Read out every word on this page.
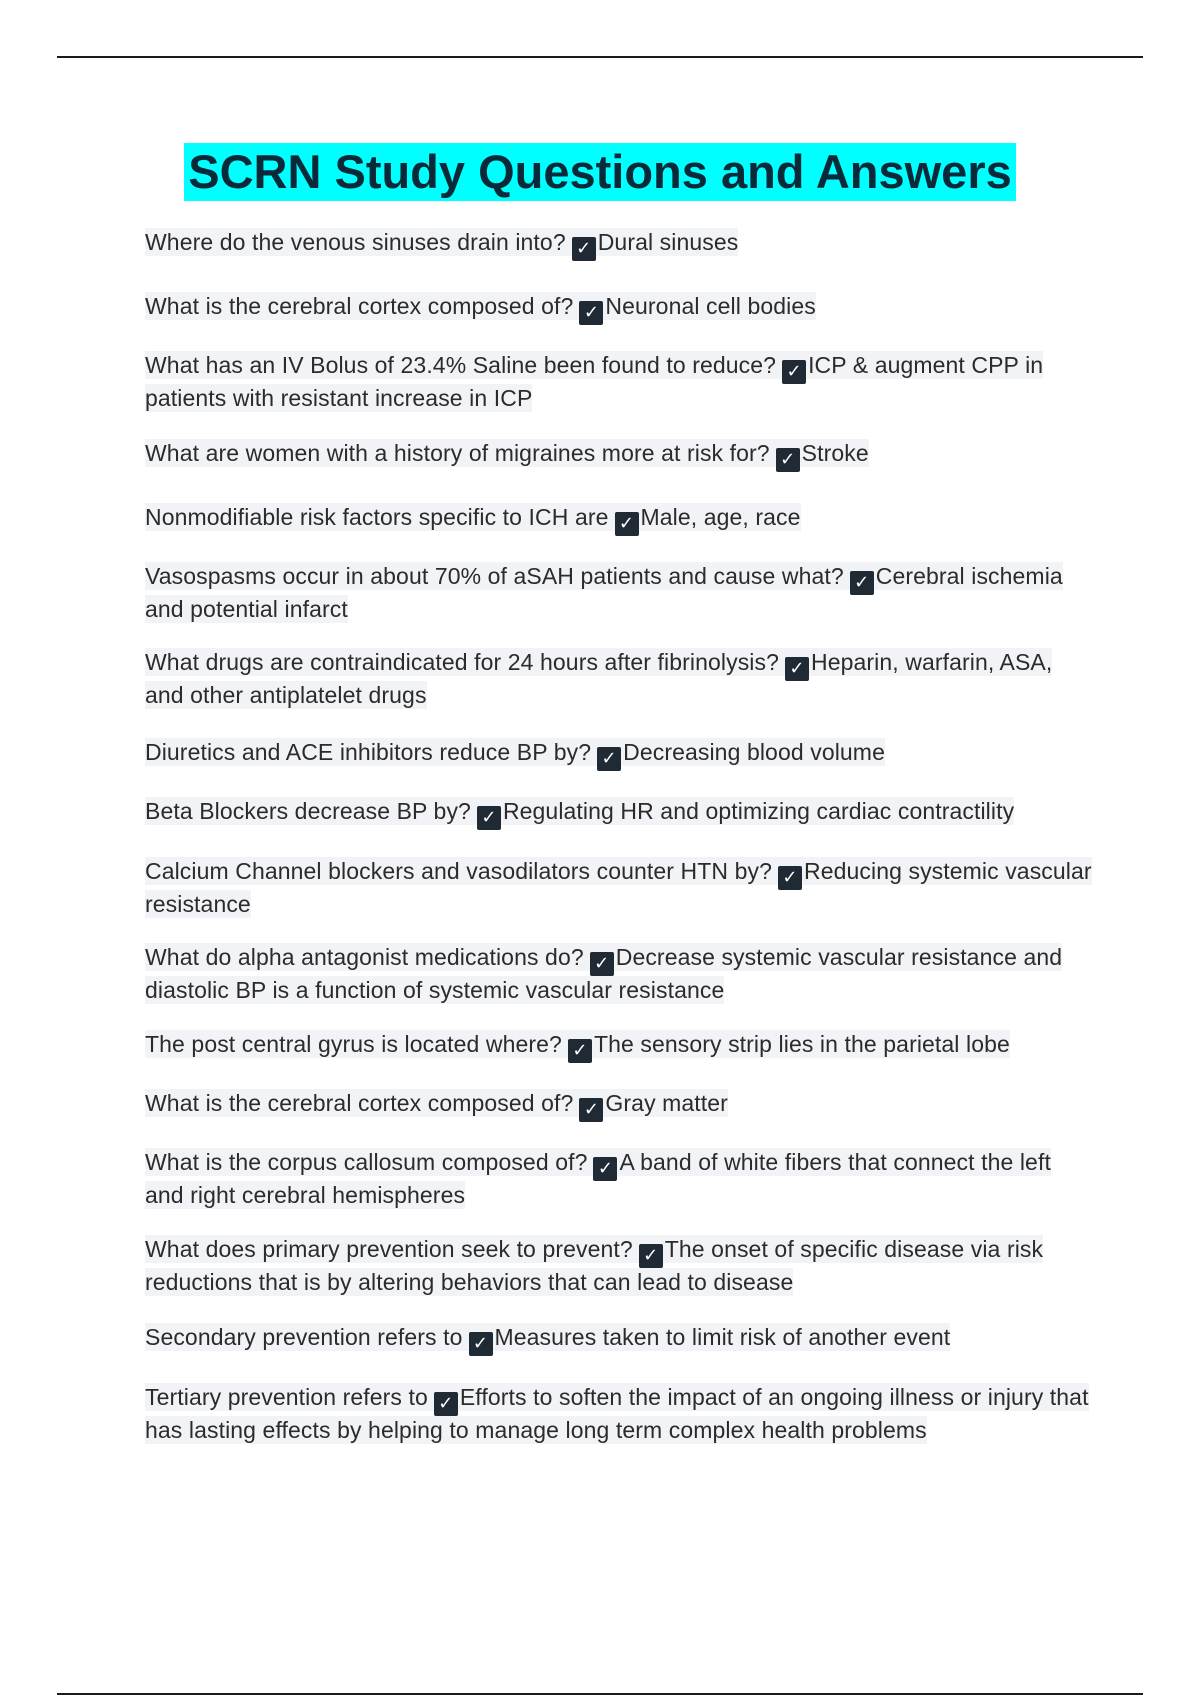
SCRN Study Questions and Answers
Where do the venous sinuses drain into? ✓ Dural sinuses
What is the cerebral cortex composed of? ✓ Neuronal cell bodies
What has an IV Bolus of 23.4% Saline been found to reduce? ✓ ICP & augment CPP in patients with resistant increase in ICP
What are women with a history of migraines more at risk for? ✓ Stroke
Nonmodifiable risk factors specific to ICH are ✓ Male, age, race
Vasospasms occur in about 70% of aSAH patients and cause what? ✓ Cerebral ischemia and potential infarct
What drugs are contraindicated for 24 hours after fibrinolysis? ✓ Heparin, warfarin, ASA, and other antiplatelet drugs
Diuretics and ACE inhibitors reduce BP by? ✓ Decreasing blood volume
Beta Blockers decrease BP by? ✓ Regulating HR and optimizing cardiac contractility
Calcium Channel blockers and vasodilators counter HTN by? ✓ Reducing systemic vascular resistance
What do alpha antagonist medications do? ✓ Decrease systemic vascular resistance and diastolic BP is a function of systemic vascular resistance
The post central gyrus is located where? ✓ The sensory strip lies in the parietal lobe
What is the cerebral cortex composed of? ✓ Gray matter
What is the corpus callosum composed of? ✓ A band of white fibers that connect the left and right cerebral hemispheres
What does primary prevention seek to prevent? ✓ The onset of specific disease via risk reductions that is by altering behaviors that can lead to disease
Secondary prevention refers to ✓ Measures taken to limit risk of another event
Tertiary prevention refers to ✓ Efforts to soften the impact of an ongoing illness or injury that has lasting effects by helping to manage long term complex health problems
